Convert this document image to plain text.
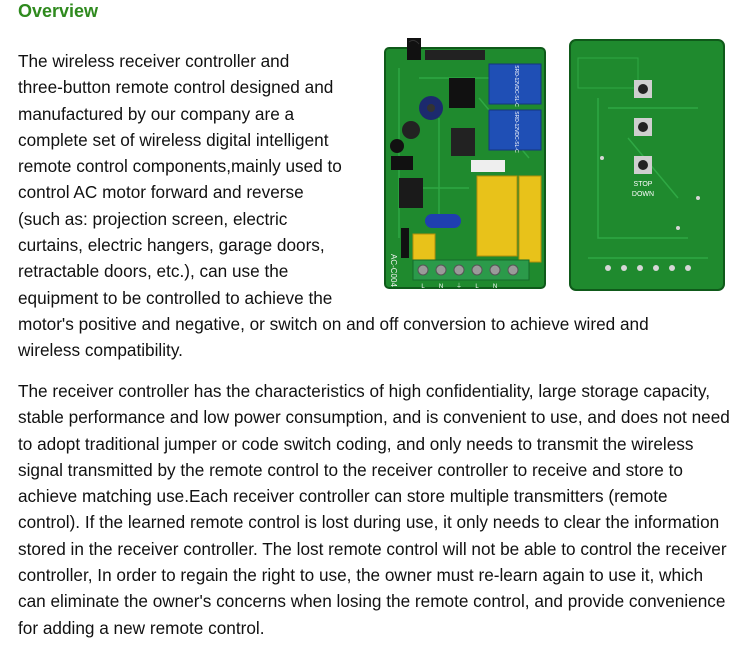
Overview

The wireless receiver controller and
three-button remote control designed and
manufactured by our company are a
complete set of wireless digital intelligent
remote control components,mainly used to
control AC motor forward and reverse
(such as: projection screen, electric
curtains, electric hangers, garage doors,
retractable doors, etc.), can use the
equipment to be controlled to achieve the
motor's positive and negative, or switch on and off conversion to achieve wired and
wireless compatibility.

The receiver controller has the characteristics of high confidentiality, large storage capacity, stable performance and low power consumption, and is convenient to use, and does not need to adopt traditional jumper or code switch coding, and only needs to transmit the wireless signal transmitted by the remote control to the receiver controller to receive and store to achieve matching use.Each receiver controller can store multiple transmitters (remote control). If the learned remote control is lost during use, it only needs to clear the information stored in the receiver controller. The lost remote control will not be able to control the receiver controller, In order to regain the right to use, the owner must re-learn again to use it, which can eliminate the owner's concerns when losing the remote control, and provide convenience for adding a new remote control.

SRD-12VDC-SL-C
SRD-12VDC-SL-C
AC-C004
L N ⏚ L N
STOP
DOWN
